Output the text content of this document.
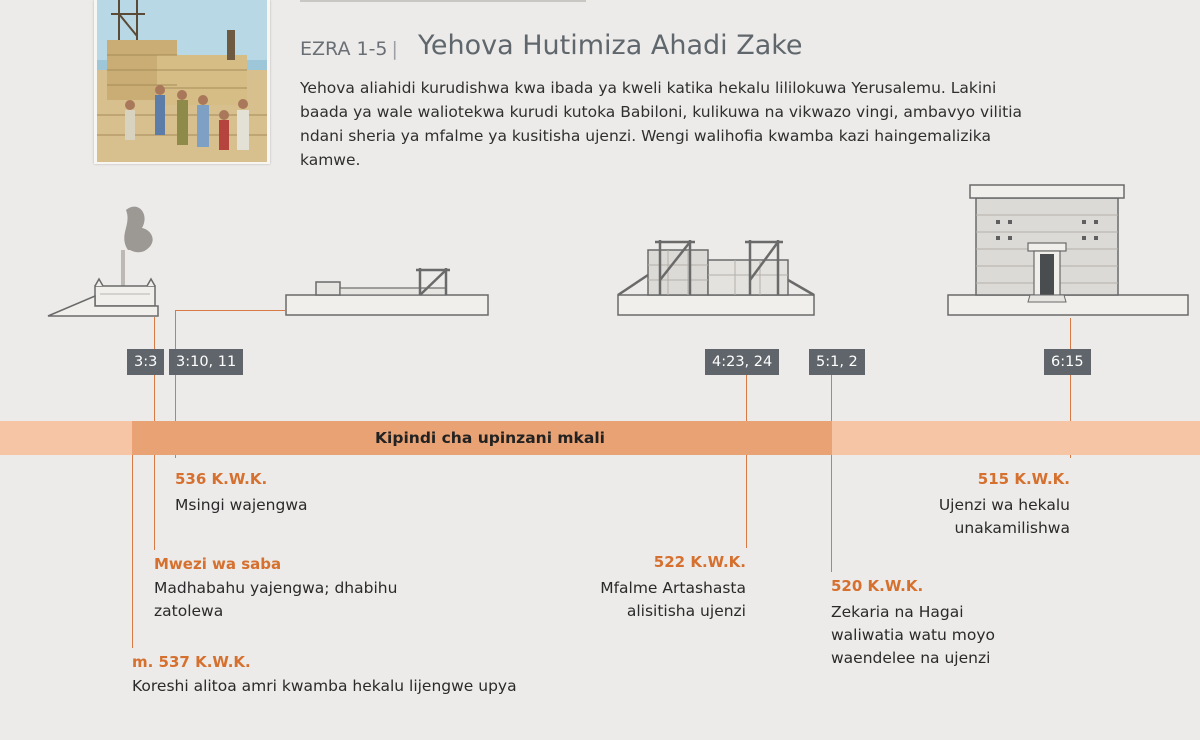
EZRA 1-5 | Yehova Hutimiza Ahadi Zake
Yehova aliahidi kurudishwa kwa ibada ya kweli katika hekalu lililokuwa Yerusalemu. Lakini baada ya wale waliotekwa kurudi kutoka Babiloni, kulikuwa na vikwazo vingi, ambavyo vilitia ndani sheria ya mfalme ya kusitisha ujenzi. Wengi walihofia kwamba kazi haingemalizika kamwe.
Kipindi cha upinzani mkali
3:3	3:10, 11	4:23, 24	5:1, 2	6:15
536 K.W.K.
Msingi wajengwa
Mwezi wa saba
Madhabahu yajengwa; dhabihu zatolewa
m. 537 K.W.K.
Koreshi alitoa amri kwamba hekalu lijengwe upya
522 K.W.K.
Mfalme Artashasta alisitisha ujenzi
520 K.W.K.
Zekaria na Hagai waliwatia watu moyo waendelee na ujenzi
515 K.W.K.
Ujenzi wa hekalu unakamilishwa
